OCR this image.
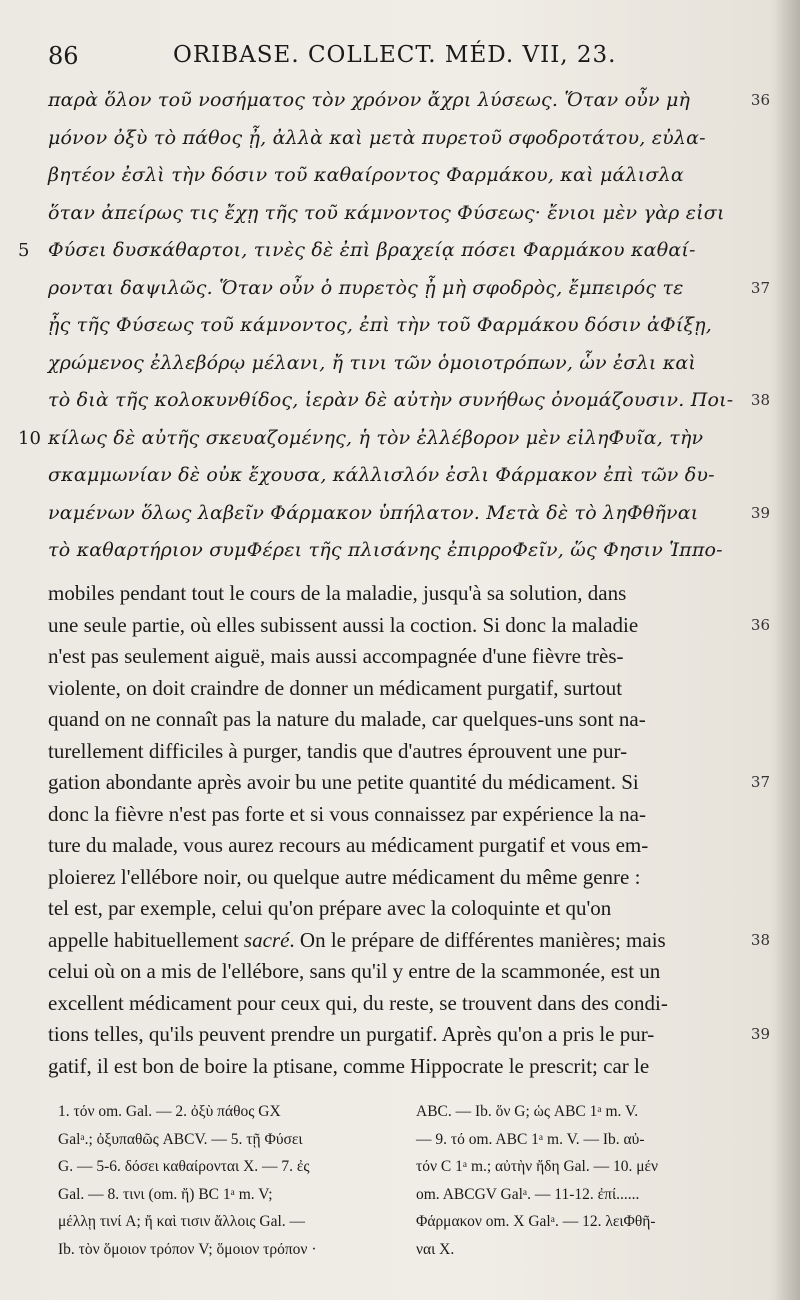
86	ORIBASE. COLLECT. MÉD. VII, 23.
παρὰ ὅλον τοῦ νοσήματος τὸν χρόνον ἄχρι λύσεως. Ὅταν οὖν μὴ	36
μόνον ὀξὺ τὸ πάθος ᾖ, ἀλλὰ καὶ μετὰ πυρετοῦ σφοδροτάτου, εὐλα-
βητέον ἐσλὶ τὴν δόσιν τοῦ καθαίροντος Φαρμάκου, καὶ μάλισλα
ὅταν ἀπείρως τις ἔχῃ τῆς τοῦ κάμνοντος Φύσεως· ἔνιοι μὲν γὰρ εἰσι
Φύσει δυσκάθαρτοι, τινὲς δὲ ἐπὶ βραχείᾳ πόσει Φαρμάκου καθαί-
5
ρονται δαψιλῶς. Ὅταν οὖν ὁ πυρετὸς ᾖ μὴ σφοδρὸς, ἔμπειρός τε	37
ᾖς τῆς Φύσεως τοῦ κάμνοντος, ἐπὶ τὴν τοῦ Φαρμάκου δόσιν ἀΦίξῃ,
χρώμενος ἐλλεβόρῳ μέλανι, ἤ τινι τῶν ὁμοιοτρόπων, ὧν ἐσλι καὶ
τὸ διὰ τῆς κολοκυνθίδος, ἱερὰν δὲ αὐτὴν συνήθως ὀνομάζουσιν. Ποι- 38
κίλως δὲ αὐτῆς σκευαζομένης, ἡ τὸν ἐλλέβορον μὲν εἰληΦυῖα, τὴν
10
σκαμμωνίαν δὲ οὐκ ἔχουσα, κάλλισλόν ἐσλι Φάρμακον ἐπὶ τῶν δυ-
ναμένων ὅλως λαβεῖν Φάρμακον ὑπήλατον. Μετὰ δὲ τὸ ληΦθῆναι	39
τὸ καθαρτήριον συμΦέρει τῆς πλισάνης ἐπιρροΦεῖν, ὥς Φησιν Ἱππο-
mobiles pendant tout le cours de la maladie, jusqu'à sa solution, dans
une seule partie, où elles subissent aussi la coction. Si donc la maladie	36
n'est pas seulement aiguë, mais aussi accompagnée d'une fièvre très-
violente, on doit craindre de donner un médicament purgatif, surtout
quand on ne connaît pas la nature du malade, car quelques-uns sont na-
turellement difficiles à purger, tandis que d'autres éprouvent une pur-
gation abondante après avoir bu une petite quantité du médicament. Si	37
donc la fièvre n'est pas forte et si vous connaissez par expérience la na-
ture du malade, vous aurez recours au médicament purgatif et vous em-
ploierez l'ellébore noir, ou quelque autre médicament du même genre :
tel est, par exemple, celui qu'on prépare avec la coloquinte et qu'on
appelle habituellement sacré. On le prépare de différentes manières; mais	38
celui où on a mis de l'ellébore, sans qu'il y entre de la scammonée, est un
excellent médicament pour ceux qui, du reste, se trouvent dans des condi-
tions telles, qu'ils peuvent prendre un purgatif. Après qu'on a pris le pur-	39
gatif, il est bon de boire la ptisane, comme Hippocrate le prescrit; car le
1. τόν om. Gal. — 2. ὀξὺ πάθος GX
Galᵃ.; ὀξυπαθῶς ABCV. — 5. τῇ Φύσει
G. — 5-6. δόσει καθαίρονται X. — 7. ἐς
Gal. — 8. τινι (om. ἤ) BC 1ᵃ m. V;
μέλλῃ τινί A; ἤ καὶ τισιν ἄλλοις Gal. —
Ib. τὸν ὅμοιον τρόπον V; ὅμοιον τρόπον ·
ABC. — Ib. ὅν G; ὡς ABC 1ᵃ m. V.
— 9. τό om. ABC 1ᵃ m. V. — Ib. αὐ-
τόν C 1ᵃ m.; αὐτὴν ἤδη Gal. — 10. μέν
om. ABCGV Galᵃ. — 11-12. ἐπί......
Φάρμακον om. X Galᵃ. — 12. λειΦθῆ-
ναι X.
